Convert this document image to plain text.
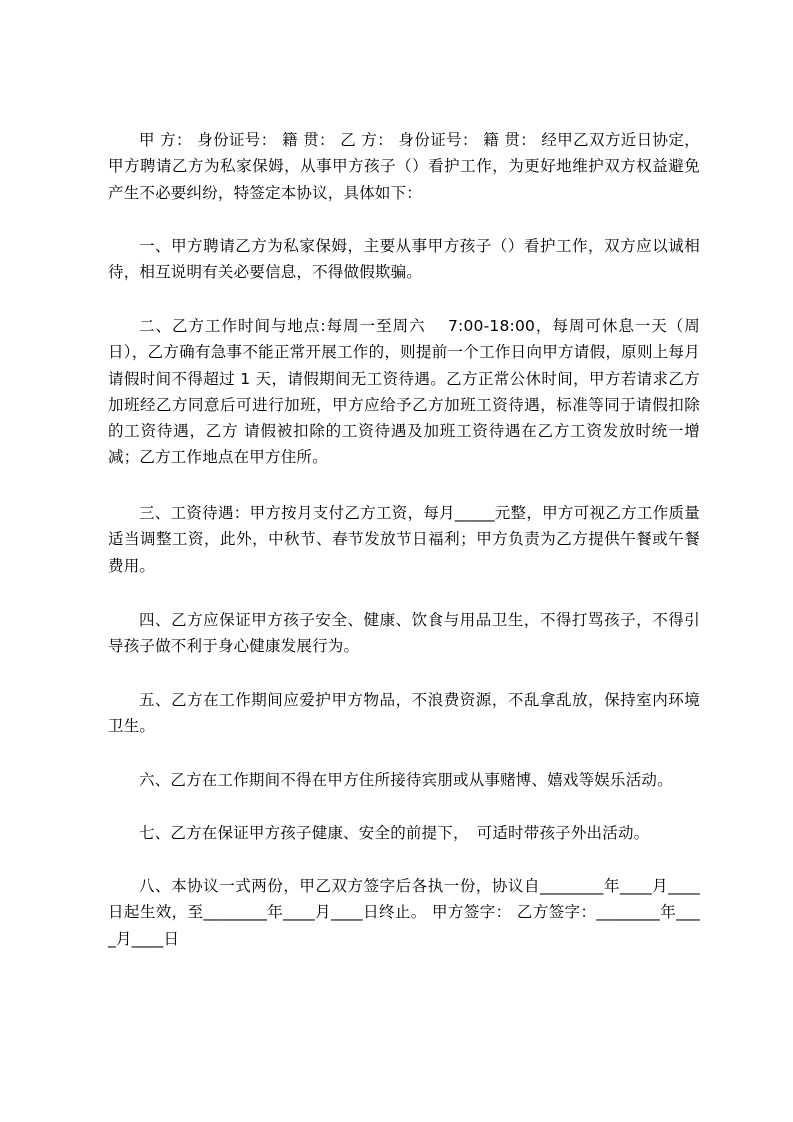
甲 方： 身份证号： 籍 贯： 乙 方： 身份证号： 籍 贯： 经甲乙双方近日协定，甲方聘请乙方为私家保姆，从事甲方孩子（）看护工作，为更好地维护双方权益避免产生不必要纠纷，特签定本协议，具体如下：

一、甲方聘请乙方为私家保姆，主要从事甲方孩子（）看护工作，双方应以诚相待，相互说明有关必要信息，不得做假欺骗。

二、乙方工作时间与地点:每周一至周六　 7:00-18:00，每周可休息一天（周日），乙方确有急事不能正常开展工作的，则提前一个工作日向甲方请假，原则上每月请假时间不得超过 1 天，请假期间无工资待遇。乙方正常公休时间，甲方若请求乙方加班经乙方同意后可进行加班，甲方应给予乙方加班工资待遇，标准等同于请假扣除的工资待遇，乙方 请假被扣除的工资待遇及加班工资待遇在乙方工资发放时统一增减；乙方工作地点在甲方住所。

三、工资待遇：甲方按月支付乙方工资，每月_____元整，甲方可视乙方工作质量适当调整工资，此外，中秋节、春节发放节日福利；甲方负责为乙方提供午餐或午餐费用。

四、乙方应保证甲方孩子安全、健康、饮食与用品卫生，不得打骂孩子，不得引导孩子做不利于身心健康发展行为。

五、乙方在工作期间应爱护甲方物品，不浪费资源，不乱拿乱放，保持室内环境卫生。

六、乙方在工作期间不得在甲方住所接待宾朋或从事赌博、嬉戏等娱乐活动。

七、乙方在保证甲方孩子健康、安全的前提下，　可适时带孩子外出活动。

八、本协议一式两份，甲乙双方签字后各执一份，协议自________年____月____日起生效，至________年____月____日终止。 甲方签字： 乙方签字：________年____月____日
